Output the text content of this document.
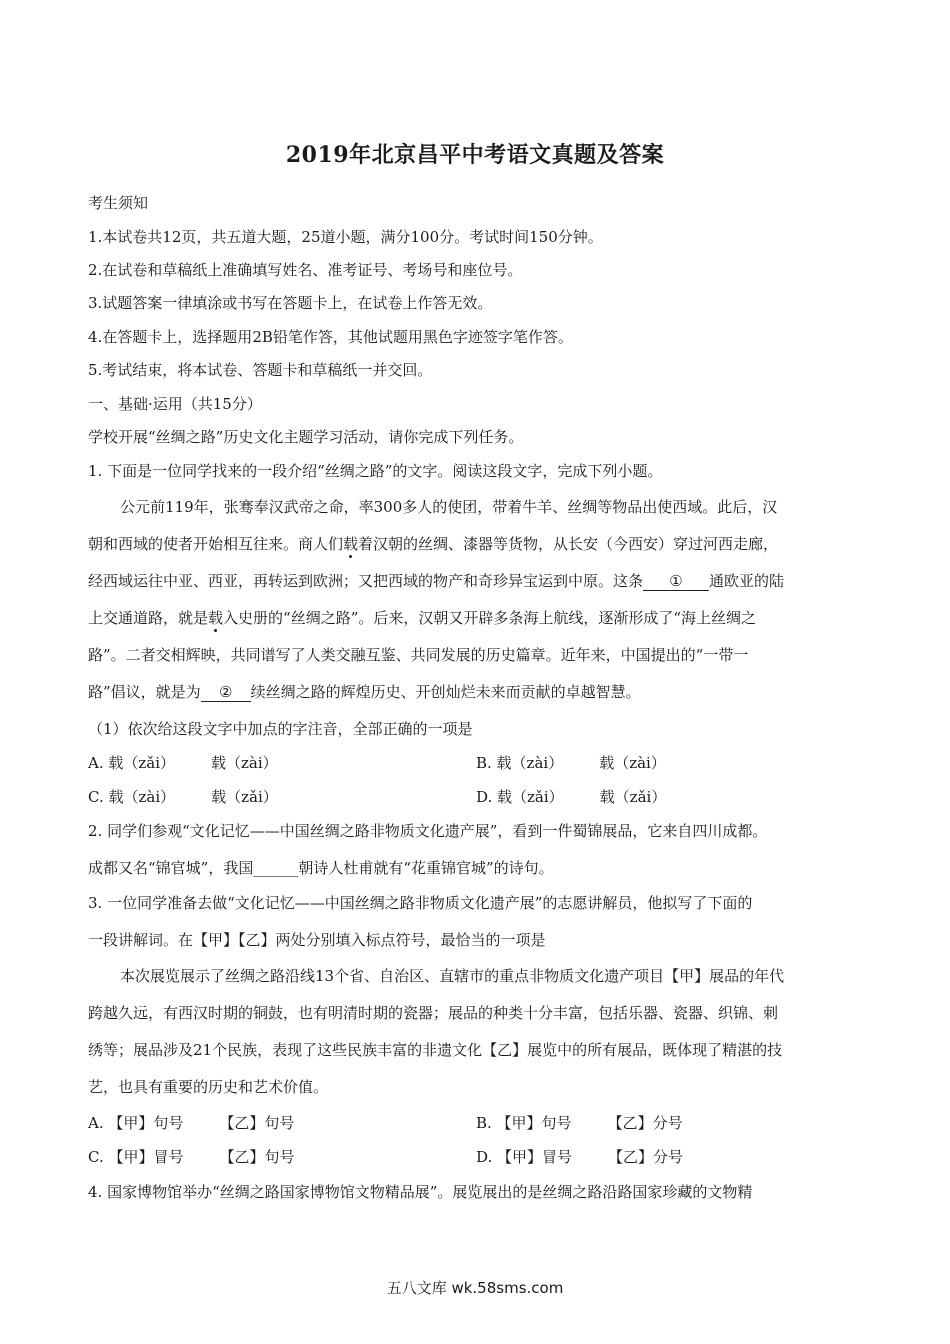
2019年北京昌平中考语文真题及答案
考生须知
1.本试卷共12页，共五道大题，25道小题，满分100分。考试时间150分钟。
2.在试卷和草稿纸上准确填写姓名、准考证号、考场号和座位号。
3.试题答案一律填涂或书写在答题卡上，在试卷上作答无效。
4.在答题卡上，选择题用2B铅笔作答，其他试题用黑色字迹签字笔作答。
5.考试结束，将本试卷、答题卡和草稿纸一并交回。
一、基础·运用（共15分）
学校开展“丝绸之路”历史文化主题学习活动，请你完成下列任务。
1. 下面是一位同学找来的一段介绍“丝绸之路”的文字。阅读这段文字，完成下列小题。
公元前119年，张骞奉汉武帝之命，率300多人的使团，带着牛羊、丝绸等物品出使西域。此后，汉
朝和西域的使者开始相互往来。商人们载着汉朝的丝绸、漆器等货物，从长安（今西安）穿过河西走廊，
经西域运往中亚、西亚，再转运到欧洲；又把西域的物产和奇珍异宝运到中原。这条 ① 通欧亚的陆
上交通道路，就是载入史册的“丝绸之路”。后来，汉朝又开辟多条海上航线，逐渐形成了“海上丝绸之
路”。二者交相辉映，共同谱写了人类交融互鉴、共同发展的历史篇章。近年来，中国提出的“一带一
路”倡议，就是为 ② 续丝绸之路的辉煌历史、开创灿烂未来而贡献的卓越智慧。
（1）依次给这段文字中加点的字注音，全部正确的一项是
A. 载（zǎi） 载（zài）	B. 载（zài） 载（zài）
C. 载（zài） 载（zǎi）	D. 载（zǎi） 载（zǎi）
2. 同学们参观“文化记忆——中国丝绸之路非物质文化遗产展”，看到一件蜀锦展品，它来自四川成都。
成都又名“锦官城”，我国______朝诗人杜甫就有“花重锦官城”的诗句。
3. 一位同学准备去做“文化记忆——中国丝绸之路非物质文化遗产展”的志愿讲解员，他拟写了下面的
一段讲解词。在【甲】【乙】两处分别填入标点符号，最恰当的一项是
本次展览展示了丝绸之路沿线13个省、自治区、直辖市的重点非物质文化遗产项目【甲】展品的年代
跨越久远，有西汉时期的铜鼓，也有明清时期的瓷器；展品的种类十分丰富，包括乐器、瓷器、织锦、刺
绣等；展品涉及21个民族，表现了这些民族丰富的非遗文化【乙】展览中的所有展品，既体现了精湛的技
艺，也具有重要的历史和艺术价值。
A. 【甲】句号 【乙】句号	B. 【甲】句号 【乙】分号
C. 【甲】冒号 【乙】句号	D. 【甲】冒号 【乙】分号
4. 国家博物馆举办“丝绸之路国家博物馆文物精品展”。展览展出的是丝绸之路沿路国家珍藏的文物精
五八文库 wk.58sms.com
